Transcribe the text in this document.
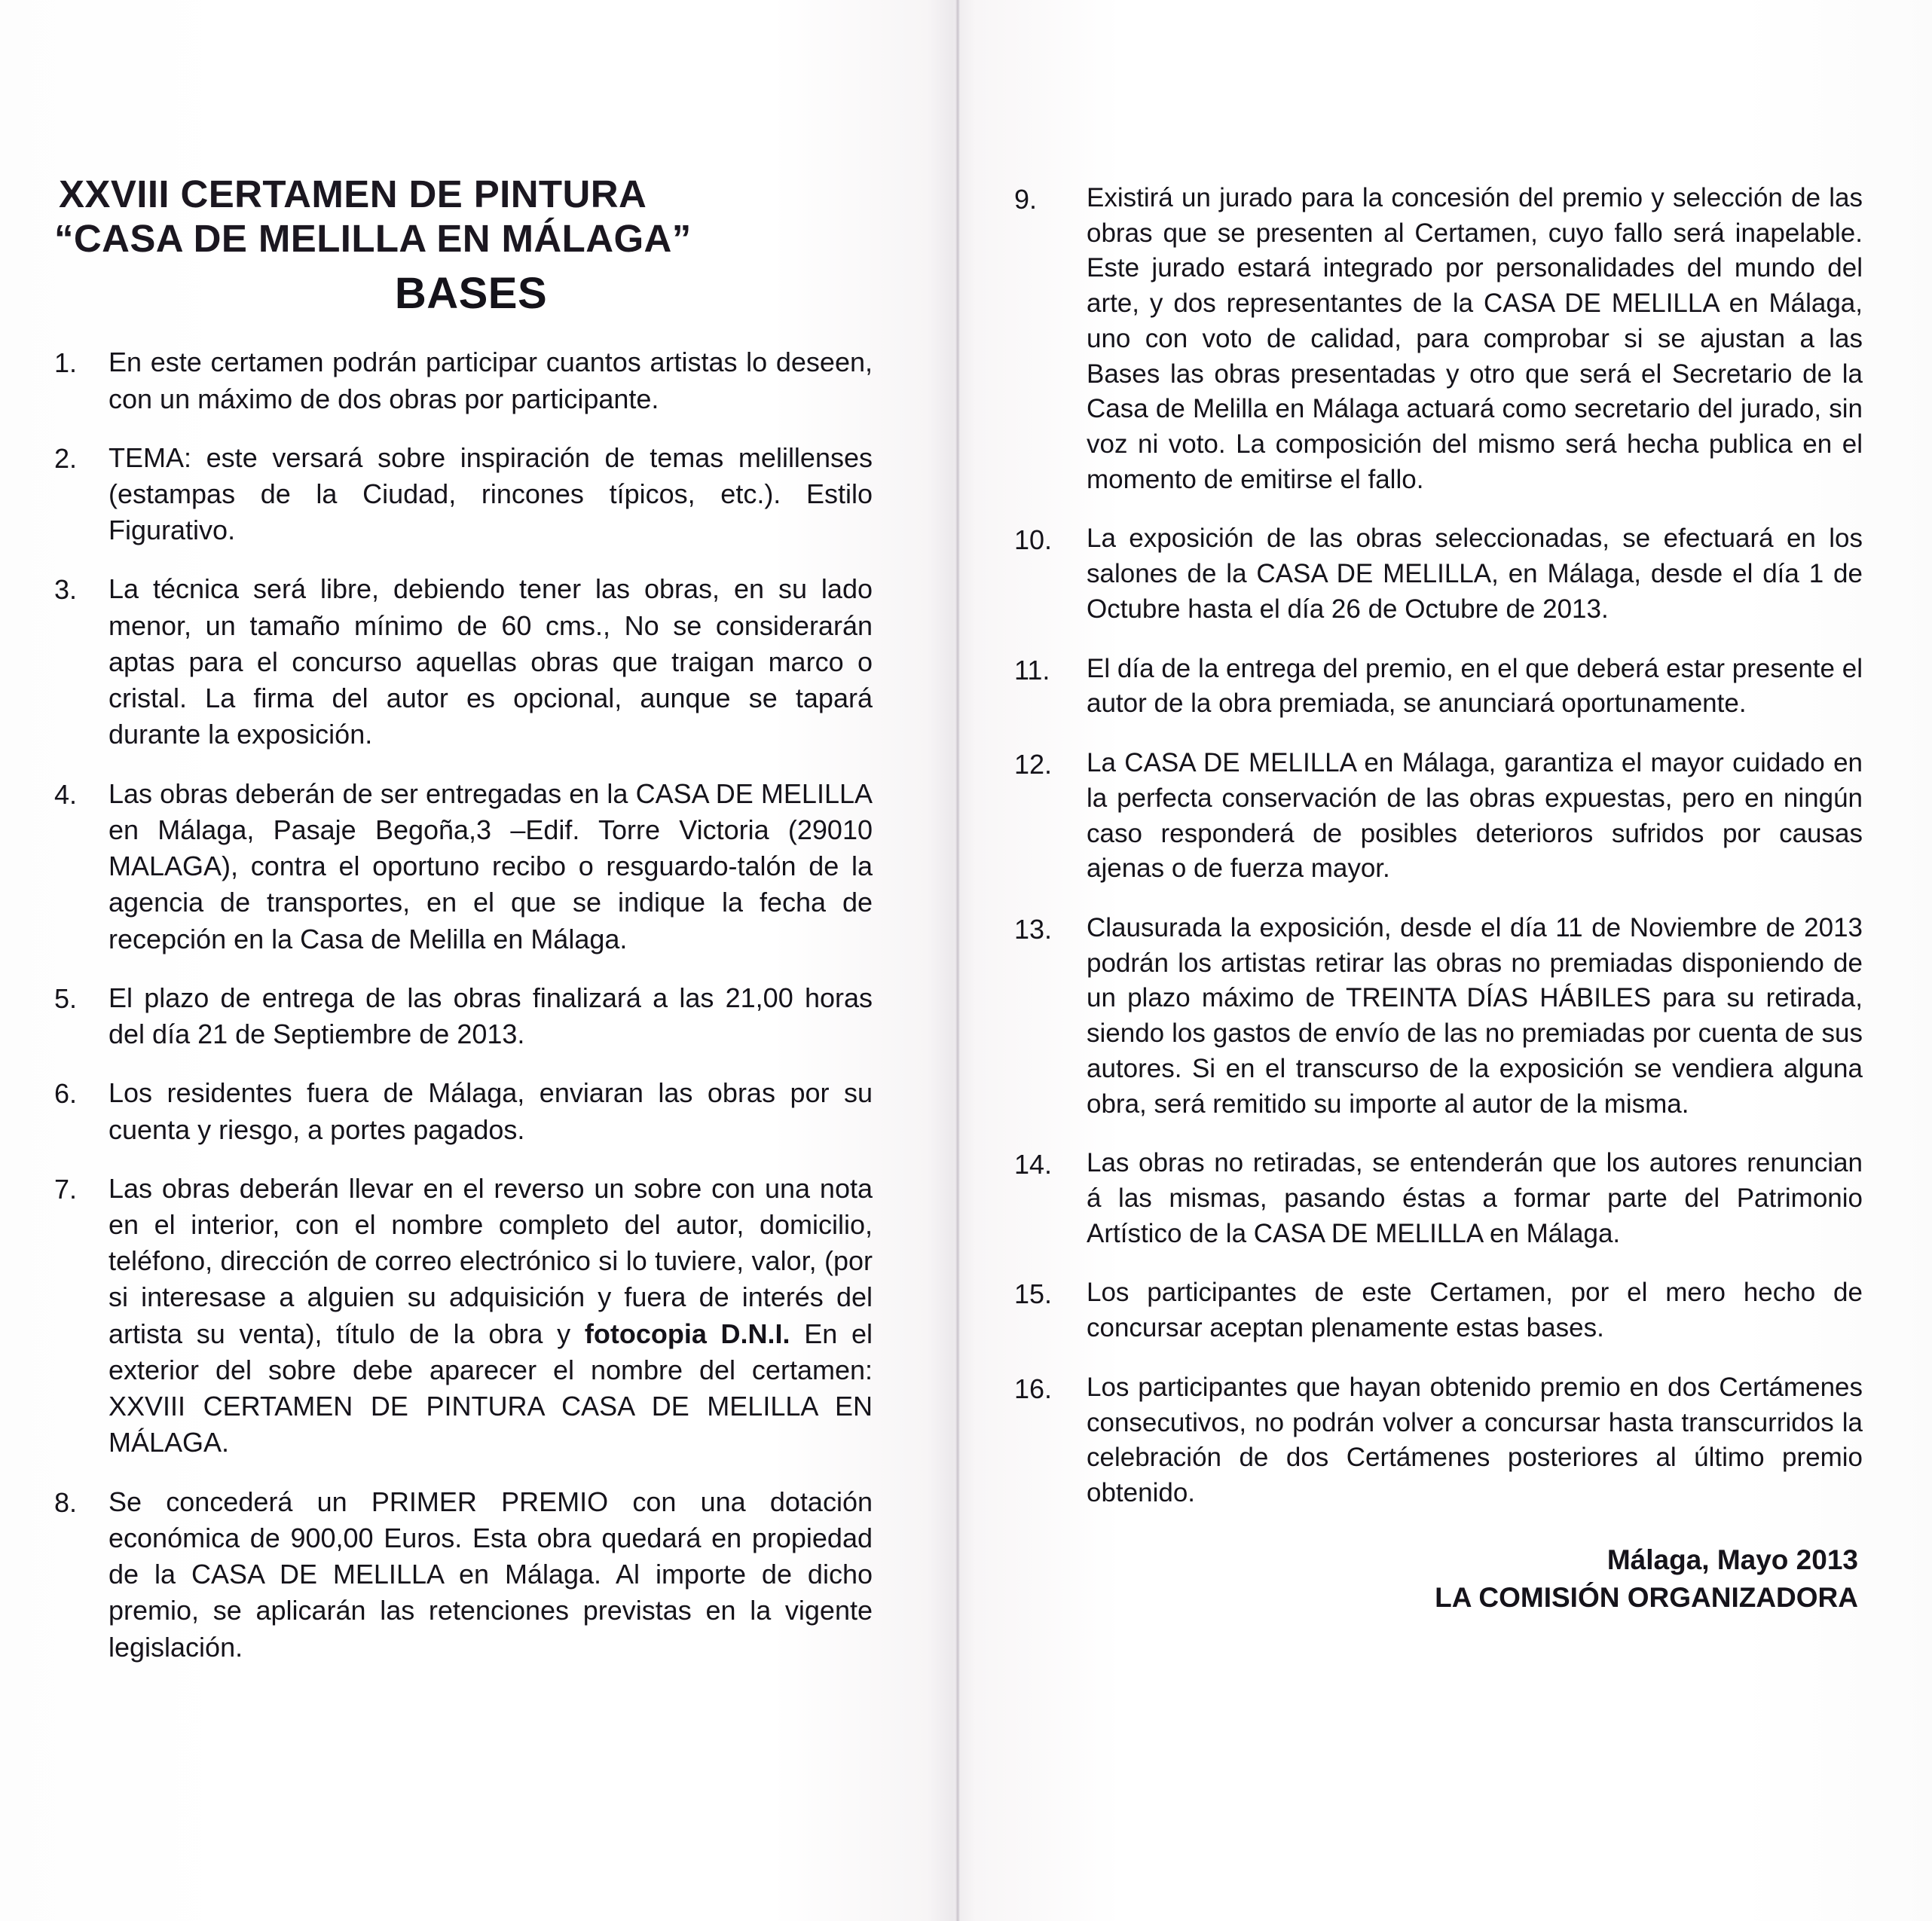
XXVIII CERTAMEN DE PINTURA
“CASA DE MELILLA EN MÁLAGA”
BASES
1.	En este certamen podrán participar cuantos artistas lo deseen, con un máximo de dos obras por participante.
2.	TEMA: este versará sobre inspiración de temas melillenses (estampas de la Ciudad, rincones típicos, etc.). Estilo Figurativo.
3.	La técnica será libre, debiendo tener las obras, en su lado menor, un tamaño mínimo de 60 cms., No se considerarán aptas para el concurso aquellas obras que traigan marco o cristal. La firma del autor es opcional, aunque se tapará durante la exposición.
4.	Las obras deberán de ser entregadas en la CASA DE MELILLA en Málaga, Pasaje Begoña,3 –Edif. Torre Victoria (29010 MALAGA), contra el oportuno recibo o resguardo-talón de la agencia de transportes, en el que se indique la fecha de recepción en la Casa de Melilla en Málaga.
5.	El plazo de entrega de las obras finalizará a las 21,00 horas del día 21 de Septiembre de 2013.
6.	Los residentes fuera de Málaga, enviaran las obras por su cuenta y riesgo, a portes pagados.
7.	Las obras deberán llevar en el reverso un sobre con una nota en el interior, con el nombre completo del autor, domicilio, teléfono, dirección de correo electrónico si lo tuviere, valor, (por si interesase a alguien su adquisición y fuera de interés del artista su venta), título de la obra y fotocopia D.N.I. En el exterior del sobre debe aparecer el nombre del certamen: XXVIII CERTAMEN DE PINTURA CASA DE MELILLA EN MÁLAGA.
8.	Se concederá un PRIMER PREMIO con una dotación económica de 900,00 Euros. Esta obra quedará en propiedad de la CASA DE MELILLA en Málaga. Al importe de dicho premio, se aplicarán las retenciones previstas en la vigente legislación.
9.	Existirá un jurado para la concesión del premio y selección de las obras que se presenten al Certamen, cuyo fallo será inapelable. Este jurado estará integrado por personalidades del mundo del arte, y dos representantes de la CASA DE MELILLA en Málaga, uno con voto de calidad, para comprobar si se ajustan a las Bases las obras presentadas y otro que será el Secretario de la Casa de Melilla en Málaga actuará como secretario del jurado, sin voz ni voto. La composición del mismo será hecha publica en el momento de emitirse el fallo.
10.	La exposición de las obras seleccionadas, se efectuará en los salones de la CASA DE MELILLA, en Málaga, desde el día 1 de Octubre hasta el día 26 de Octubre de 2013.
11.	El día de la entrega del premio, en el que deberá estar presente el autor de la obra premiada, se anunciará oportunamente.
12.	La CASA DE MELILLA en Málaga, garantiza el mayor cuidado en la perfecta conservación de las obras expuestas, pero en ningún caso responderá de posibles deterioros sufridos por causas ajenas o de fuerza mayor.
13.	Clausurada la exposición, desde el día 11 de Noviembre de 2013 podrán los artistas retirar las obras no premiadas disponiendo de un plazo máximo de TREINTA DÍAS HÁBILES para su retirada, siendo los gastos de envío de las no premiadas por cuenta de sus autores. Si en el transcurso de la exposición se vendiera alguna obra, será remitido su importe al autor de la misma.
14.	Las obras no retiradas, se entenderán que los autores renuncian á las mismas, pasando éstas a formar parte del Patrimonio Artístico de la CASA DE MELILLA en Málaga.
15.	Los participantes de este Certamen, por el mero hecho de concursar aceptan plenamente estas bases.
16.	Los participantes que hayan obtenido premio en dos Certámenes consecutivos, no podrán volver a concursar hasta transcurridos la celebración de dos Certámenes posteriores al último premio obtenido.
Málaga, Mayo 2013
LA COMISIÓN ORGANIZADORA
